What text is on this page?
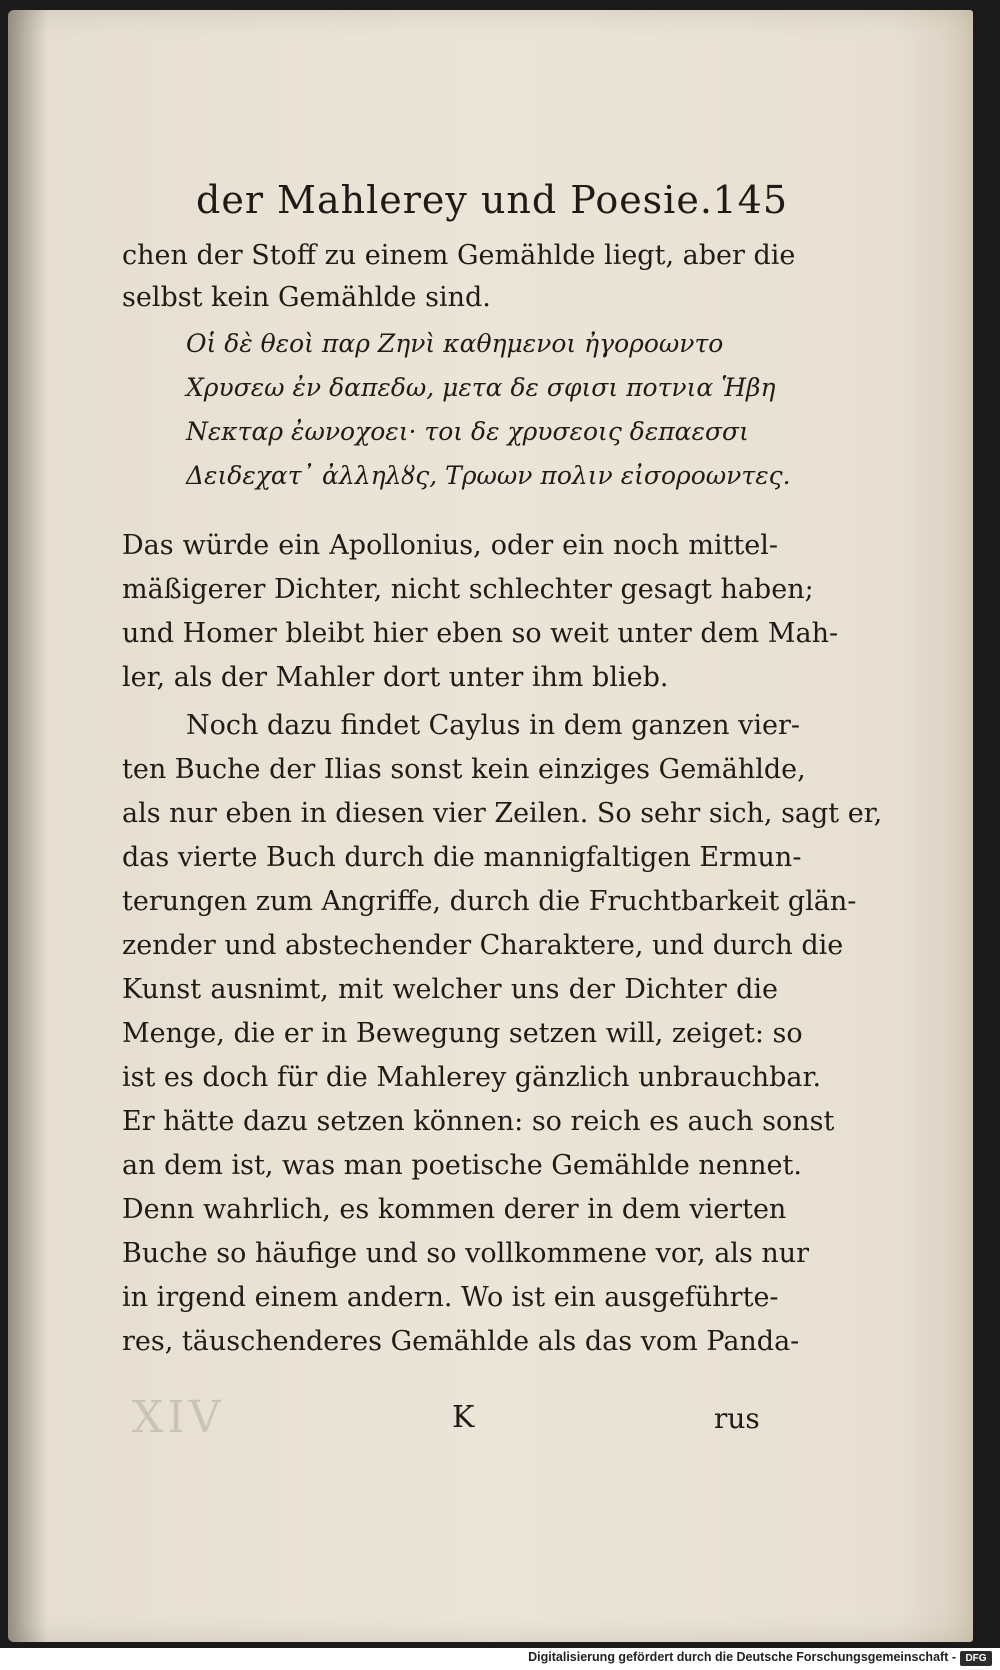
der Mahlerey und Poesie. 145
chen der Stoff zu einem Gemählde liegt, aber die
selbst kein Gemählde sind.
Οἱ δὲ θεοὶ παρ Ζηνὶ καθημενοι ἠγοροωντο
Χρυσεω ἐν δαπεδω, μετα δε σφισι ποτνια Ἡβη
Νεκταρ ἐωνοχοει· τοι δε χρυσεοις δεπαεσσι
Δειδεχατ᾽ ἀλληλȣς, Τρωων πολιν εἰσοροωντες.
Das würde ein Apollonius, oder ein noch mittel-
mäßigerer Dichter, nicht schlechter gesagt haben;
und Homer bleibt hier eben so weit unter dem Mah-
ler, als der Mahler dort unter ihm blieb.
Noch dazu findet Caylus in dem ganzen vier-
ten Buche der Ilias sonst kein einziges Gemählde,
als nur eben in diesen vier Zeilen. So sehr sich, sagt er,
das vierte Buch durch die mannigfaltigen Ermun-
terungen zum Angriffe, durch die Fruchtbarkeit glän-
zender und abstechender Charaktere, und durch die
Kunst ausnimt, mit welcher uns der Dichter die
Menge, die er in Bewegung setzen will, zeiget: so
ist es doch für die Mahlerey gänzlich unbrauchbar.
Er hätte dazu setzen können: so reich es auch sonst
an dem ist, was man poetische Gemählde nennet.
Denn wahrlich, es kommen derer in dem vierten
Buche so häufige und so vollkommene vor, als nur
in irgend einem andern. Wo ist ein ausgeführte-
res, täuschenderes Gemählde als das vom Panda-
XIV	K	rus
Digitalisierung gefördert durch die Deutsche Forschungsgemeinschaft - DFG
